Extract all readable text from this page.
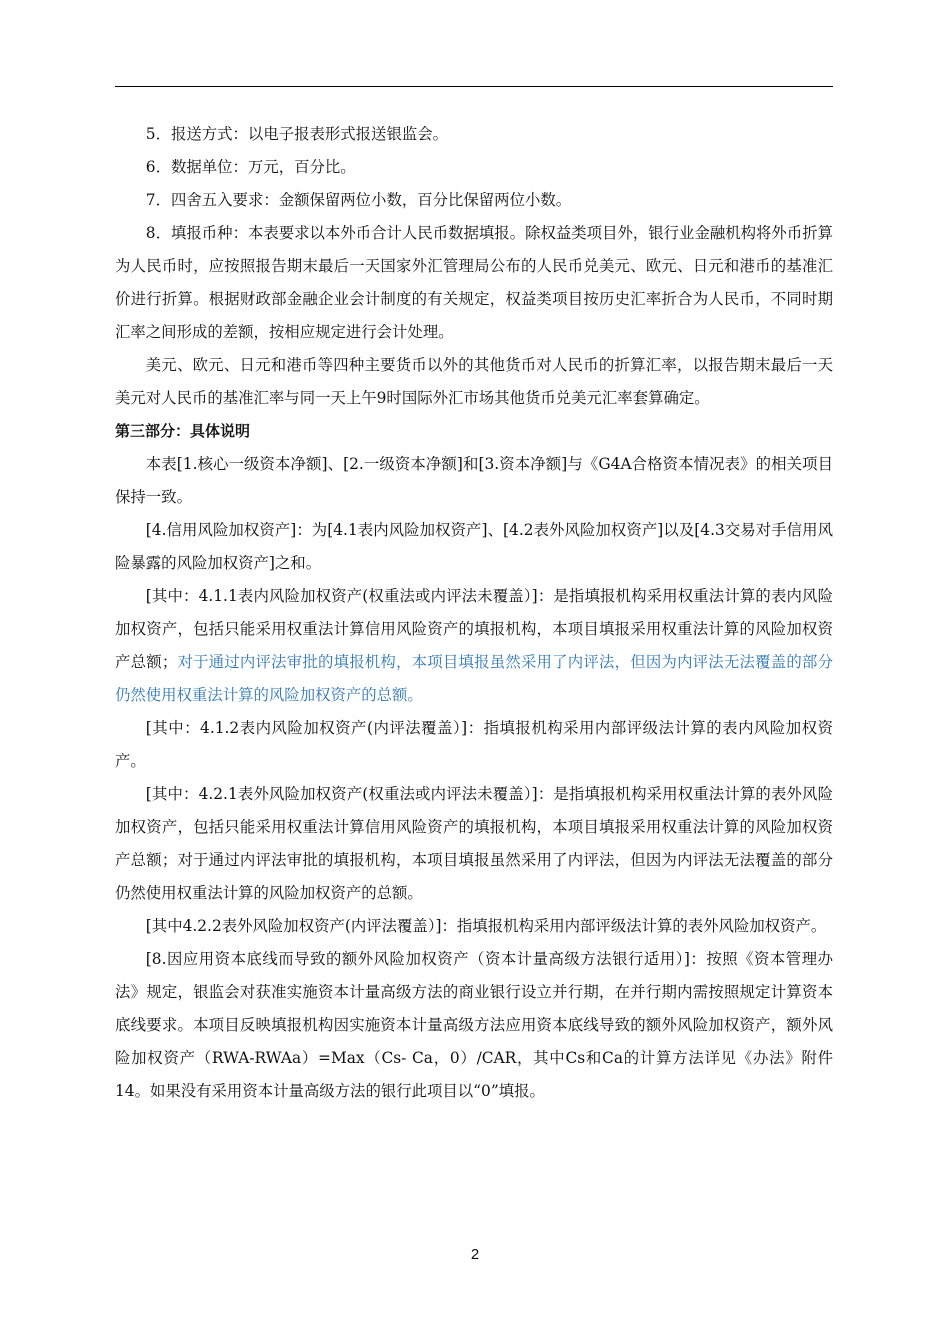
5．报送方式：以电子报表形式报送银监会。

6．数据单位：万元，百分比。

7．四舍五入要求：金额保留两位小数，百分比保留两位小数。

8．填报币种：本表要求以本外币合计人民币数据填报。除权益类项目外，银行业金融机构将外币折算为人民币时，应按照报告期末最后一天国家外汇管理局公布的人民币兑美元、欧元、日元和港币的基准汇价进行折算。根据财政部金融企业会计制度的有关规定，权益类项目按历史汇率折合为人民币，不同时期汇率之间形成的差额，按相应规定进行会计处理。

美元、欧元、日元和港币等四种主要货币以外的其他货币对人民币的折算汇率，以报告期末最后一天美元对人民币的基准汇率与同一天上午9时国际外汇市场其他货币兑美元汇率套算确定。

第三部分：具体说明

本表[1.核心一级资本净额]、[2.一级资本净额]和[3.资本净额]与《G4A合格资本情况表》的相关项目保持一致。

[4.信用风险加权资产]：为[4.1表内风险加权资产]、[4.2表外风险加权资产]以及[4.3交易对手信用风险暴露的风险加权资产]之和。

[其中：4.1.1表内风险加权资产(权重法或内评法未覆盖）]：是指填报机构采用权重法计算的表内风险加权资产，包括只能采用权重法计算信用风险资产的填报机构，本项目填报采用权重法计算的风险加权资产总额；对于通过内评法审批的填报机构，本项目填报虽然采用了内评法，但因为内评法无法覆盖的部分仍然使用权重法计算的风险加权资产的总额。

[其中：4.1.2表内风险加权资产(内评法覆盖）]：指填报机构采用内部评级法计算的表内风险加权资产。

[其中：4.2.1表外风险加权资产(权重法或内评法未覆盖）]：是指填报机构采用权重法计算的表外风险加权资产，包括只能采用权重法计算信用风险资产的填报机构，本项目填报采用权重法计算的风险加权资产总额；对于通过内评法审批的填报机构，本项目填报虽然采用了内评法，但因为内评法无法覆盖的部分仍然使用权重法计算的风险加权资产的总额。

[其中4.2.2表外风险加权资产(内评法覆盖）]：指填报机构采用内部评级法计算的表外风险加权资产。

[8.因应用资本底线而导致的额外风险加权资产（资本计量高级方法银行适用）]：按照《资本管理办法》规定，银监会对获准实施资本计量高级方法的商业银行设立并行期，在并行期内需按照规定计算资本底线要求。本项目反映填报机构因实施资本计量高级方法应用资本底线导致的额外风险加权资产，额外风险加权资产（RWA-RWAa）=Max（Cs- Ca，0）/CAR，其中Cs和Ca的计算方法详见《办法》附件14。如果没有采用资本计量高级方法的银行此项目以“0”填报。

2
